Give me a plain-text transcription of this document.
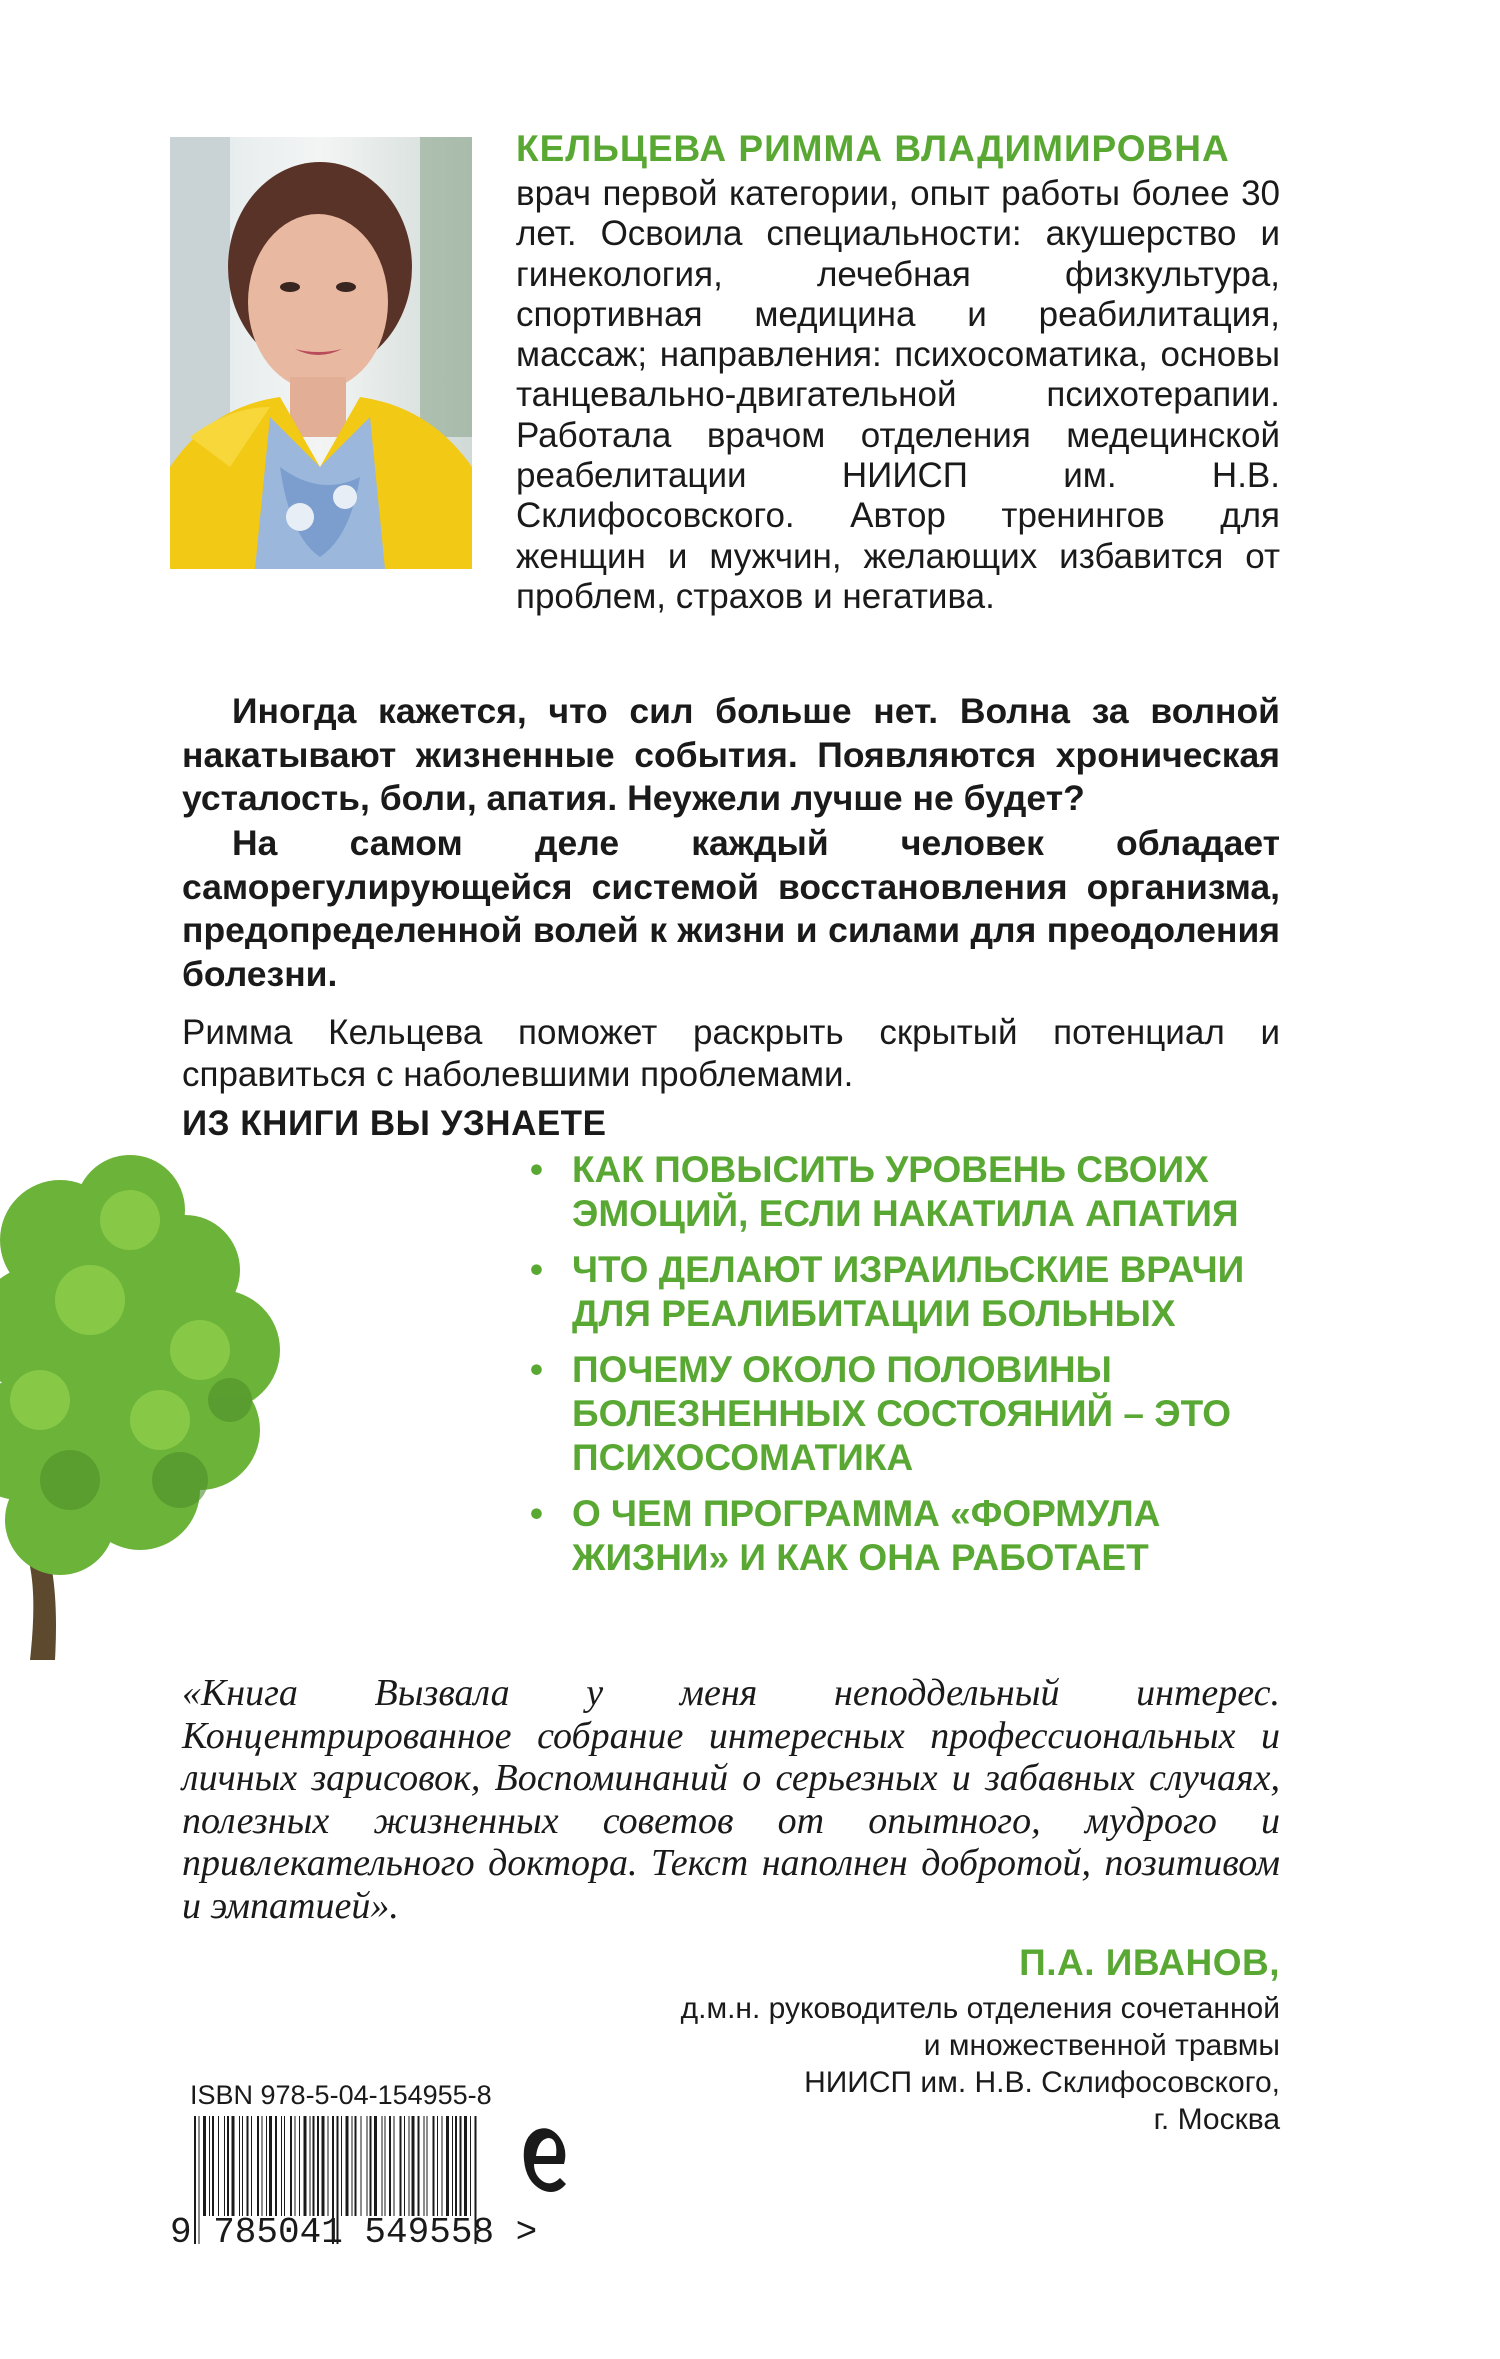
КЕЛЬЦЕВА РИММА ВЛАДИМИРОВНА
врач первой категории, опыт работы более 30 лет. Освоила специальности: акушерство и гинекология, лечебная физкультура, спортивная медицина и реабилитация, массаж; направления: психосоматика, основы танцевально-двигательной психотерапии. Работала врачом отделения медецинской реабелитации НИИСП им. Н.В. Склифосовского. Автор тренингов для женщин и мужчин, желающих избавится от проблем, страхов и негатива.
Иногда кажется, что сил больше нет. Волна за волной накатывают жизненные события. Появляются хроническая усталость, боли, апатия. Неужели лучше не будет?
На самом деле каждый человек обладает саморегулирующейся системой восстановления организма, предопределенной волей к жизни и силами для преодоления болезни.
Римма Кельцева поможет раскрыть скрытый потенциал и справиться с наболевшими проблемами.
ИЗ КНИГИ ВЫ УЗНАЕТЕ
• КАК ПОВЫСИТЬ УРОВЕНЬ СВОИХ ЭМОЦИЙ, ЕСЛИ НАКАТИЛА АПАТИЯ
• ЧТО ДЕЛАЮТ ИЗРАИЛЬСКИЕ ВРАЧИ ДЛЯ РЕАЛИБИТАЦИИ БОЛЬНЫХ
• ПОЧЕМУ ОКОЛО ПОЛОВИНЫ БОЛЕЗНЕННЫХ СОСТОЯНИЙ – ЭТО ПСИХОСОМАТИКА
• О ЧЕМ ПРОГРАММА «ФОРМУЛА ЖИЗНИ» И КАК ОНА РАБОТАЕТ
«Книга Вызвала у меня неподдельный интерес. Концентрированное собрание интересных профессиональных и личных зарисовок, Воспоминаний о серьезных и забавных случаях, полезных жизненных советов от опытного, мудрого и привлекательного доктора. Текст наполнен добротой, позитивом и эмпатией».
П.А. ИВАНОВ,
д.м.н. руководитель отделения сочетанной
и множественной травмы
НИИСП им. Н.В. Склифосовского,
г. Москва
ISBN 978-5-04-154955-8
9 785041 549558 >
